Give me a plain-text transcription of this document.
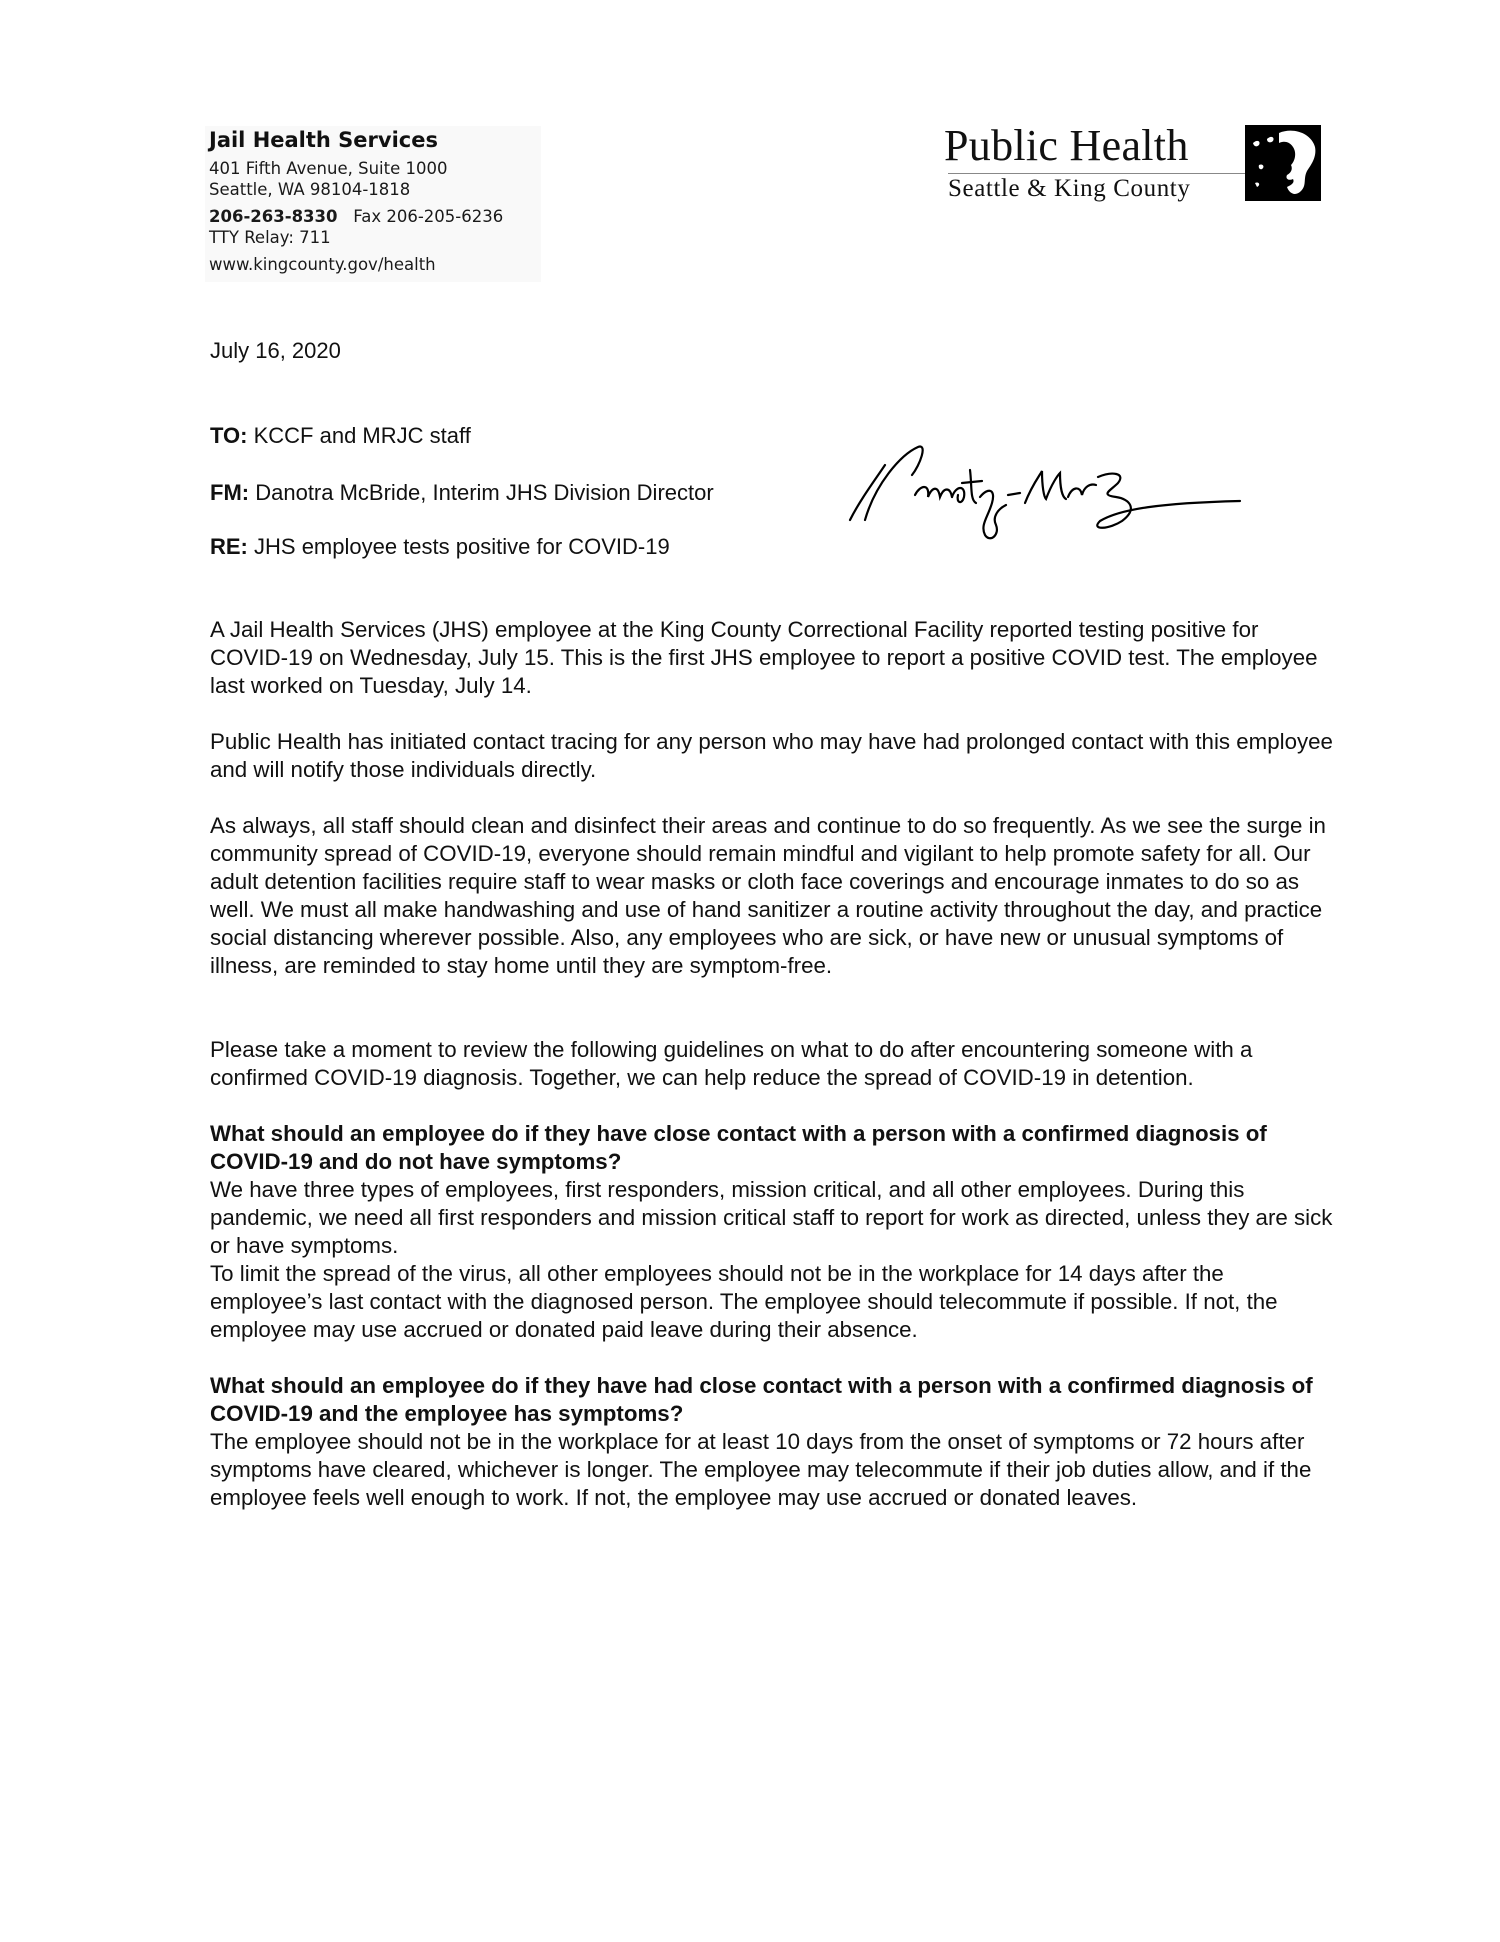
Jail Health Services
401 Fifth Avenue, Suite 1000
Seattle, WA 98104-1818
206-263-8330 Fax 206-205-6236
TTY Relay: 711
www.kingcounty.gov/health
Public Health
Seattle & King County
July 16, 2020
TO: KCCF and MRJC staff
FM: Danotra McBride, Interim JHS Division Director
RE: JHS employee tests positive for COVID-19
A Jail Health Services (JHS) employee at the King County Correctional Facility reported testing positive for COVID-19 on Wednesday, July 15. This is the first JHS employee to report a positive COVID test. The employee last worked on Tuesday, July 14.
Public Health has initiated contact tracing for any person who may have had prolonged contact with this employee and will notify those individuals directly.
As always, all staff should clean and disinfect their areas and continue to do so frequently. As we see the surge in community spread of COVID-19, everyone should remain mindful and vigilant to help promote safety for all. Our adult detention facilities require staff to wear masks or cloth face coverings and encourage inmates to do so as well. We must all make handwashing and use of hand sanitizer a routine activity throughout the day, and practice social distancing wherever possible. Also, any employees who are sick, or have new or unusual symptoms of illness, are reminded to stay home until they are symptom-free.
Please take a moment to review the following guidelines on what to do after encountering someone with a confirmed COVID-19 diagnosis. Together, we can help reduce the spread of COVID-19 in detention.
What should an employee do if they have close contact with a person with a confirmed diagnosis of COVID-19 and do not have symptoms?
We have three types of employees, first responders, mission critical, and all other employees. During this pandemic, we need all first responders and mission critical staff to report for work as directed, unless they are sick or have symptoms.
To limit the spread of the virus, all other employees should not be in the workplace for 14 days after the employee’s last contact with the diagnosed person. The employee should telecommute if possible. If not, the employee may use accrued or donated paid leave during their absence.
What should an employee do if they have had close contact with a person with a confirmed diagnosis of COVID-19 and the employee has symptoms?
The employee should not be in the workplace for at least 10 days from the onset of symptoms or 72 hours after symptoms have cleared, whichever is longer. The employee may telecommute if their job duties allow, and if the employee feels well enough to work. If not, the employee may use accrued or donated leaves.
